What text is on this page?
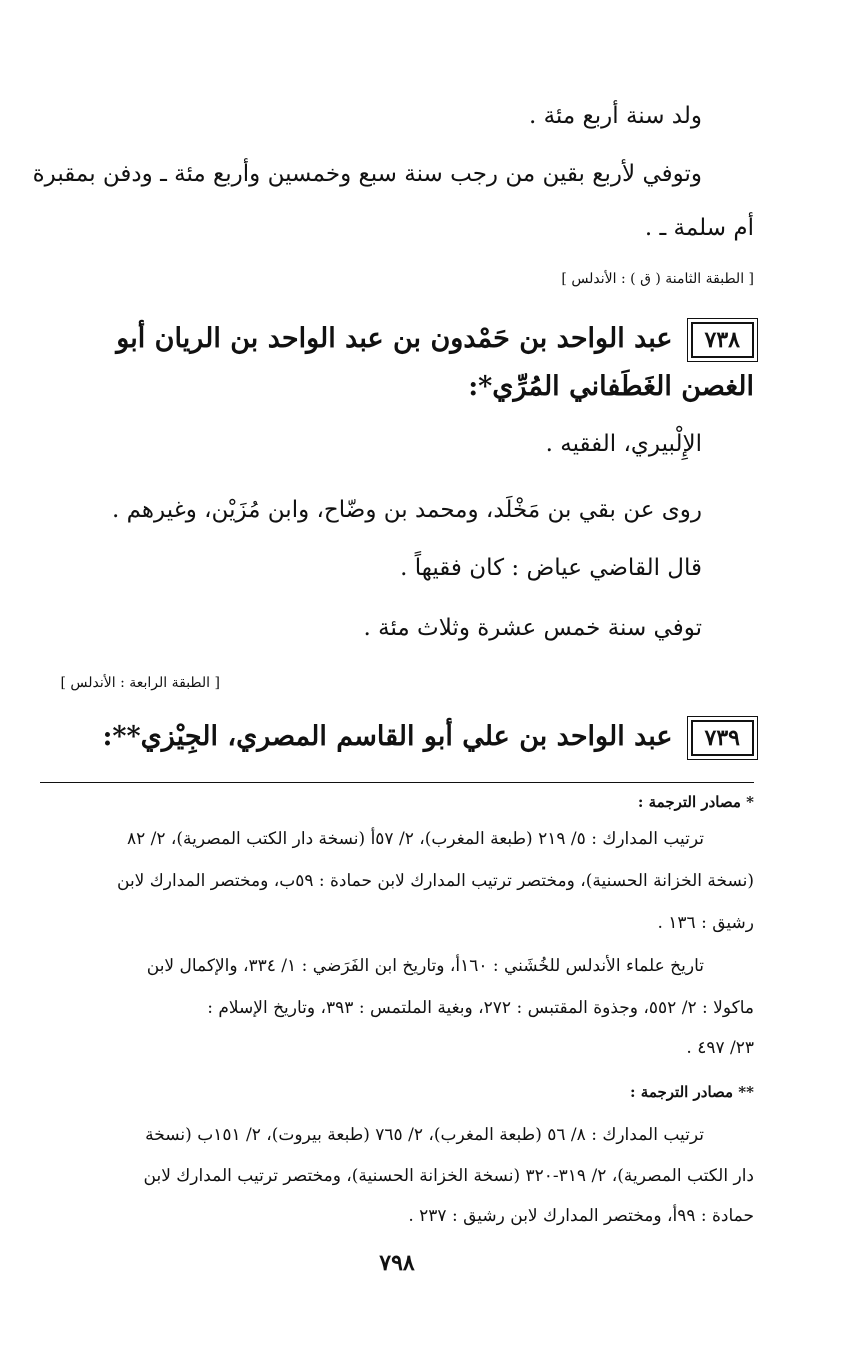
ولد سنة أربع مئة .
وتوفي لأربع بقين من رجب سنة سبع وخمسين وأربع مئة ـ ودفن بمقبرة
أم سلمة ـ .
[ الطبقة الثامنة ( ق ) : الأندلس ]
٧٣٨عبد الواحد بن حَمْدون بن عبد الواحد بن الريان أبو
الغصن الغَطَفاني المُرِّي*:
الإِلْبيري، الفقيه .
روى عن بقي بن مَخْلَد، ومحمد بن وضّاح، وابن مُزَيْن، وغيرهم .
قال القاضي عياض : كان فقيهاً .
توفي سنة خمس عشرة وثلاث مئة .
[ الطبقة الرابعة : الأندلس ]
٧٣٩عبد الواحد بن علي أبو القاسم المصري، الجِيْزي**:
* مصادر الترجمة :
ترتيب المدارك : ٥/ ٢١٩ (طبعة المغرب)، ٢/ ٥٧أ (نسخة دار الكتب المصرية)، ٢/ ٨٢
(نسخة الخزانة الحسنية)، ومختصر ترتيب المدارك لابن حمادة : ٥٩ب، ومختصر المدارك لابن
رشيق : ١٣٦ .
تاريخ علماء الأندلس للخُشَني : ١٦٠أ، وتاريخ ابن الفَرَضي : ١/ ٣٣٤، والإكمال لابن
ماكولا : ٢/ ٥٥٢، وجذوة المقتبس : ٢٧٢، وبغية الملتمس : ٣٩٣، وتاريخ الإسلام :
٢٣/ ٤٩٧ .
** مصادر الترجمة :
ترتيب المدارك : ٨/ ٥٦ (طبعة المغرب)، ٢/ ٧٦٥ (طبعة بيروت)، ٢/ ١٥١ب (نسخة
دار الكتب المصرية)، ٢/ ٣١٩-٣٢٠ (نسخة الخزانة الحسنية)، ومختصر ترتيب المدارك لابن
حمادة : ٩٩أ، ومختصر المدارك لابن رشيق : ٢٣٧ .
٧٩٨
